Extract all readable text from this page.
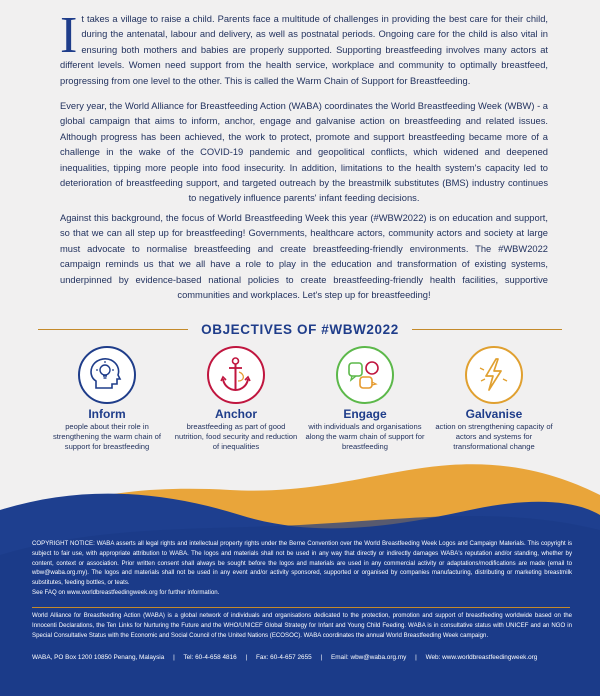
It takes a village to raise a child. Parents face a multitude of challenges in providing the best care for their child, during the antenatal, labour and delivery, as well as postnatal periods. Ongoing care for the child is also vital in ensuring both mothers and babies are properly supported. Supporting breastfeeding involves many actors at different levels. Women need support from the health service, workplace and community to optimally breastfeed, progressing from one level to the other. This is called the Warm Chain of Support for Breastfeeding.

Every year, the World Alliance for Breastfeeding Action (WABA) coordinates the World Breastfeeding Week (WBW) - a global campaign that aims to inform, anchor, engage and galvanise action on breastfeeding and related issues. Although progress has been achieved, the work to protect, promote and support breastfeeding became more of a challenge in the wake of the COVID-19 pandemic and geopolitical conflicts, which widened and deepened inequalities, tipping more people into food insecurity. In addition, limitations to the health system's capacity led to deterioration of breastfeeding support, and targeted outreach by the breastmilk substitutes (BMS) industry continues to negatively influence parents' infant feeding decisions.

Against this background, the focus of World Breastfeeding Week this year (#WBW2022) is on education and support, so that we can all step up for breastfeeding! Governments, healthcare actors, community actors and society at large must advocate to normalise breastfeeding and create breastfeeding-friendly environments. The #WBW2022 campaign reminds us that we all have a role to play in the education and transformation of existing systems, underpinned by evidence-based national policies to create breastfeeding-friendly health facilities, supportive communities and workplaces. Let's step up for breastfeeding!

OBJECTIVES OF #WBW2022
Inform
people about their role in strengthening the warm chain of support for breastfeeding
Anchor
breastfeeding as part of good nutrition, food security and reduction of inequalities
Engage
with individuals and organisations along the warm chain of support for breastfeeding
Galvanise
action on strengthening capacity of actors and systems for transformational change

COPYRIGHT NOTICE: WABA asserts all legal rights and intellectual property rights under the Berne Convention over the World Breastfeeding Week Logos and Campaign Materials. This copyright is subject to fair use, with appropriate attribution to WABA. The logos and materials shall not be used in any way that directly or indirectly damages WABA's reputation and/or standing, whether by content, context or association. Prior written consent shall always be sought before the logos and materials are used in any commercial activity or adaptations/modifications are made (email to wbw@waba.org.my). The logos and materials shall not be used in any event and/or activity sponsored, supported or organised by companies manufacturing, distributing or marketing breastmilk substitutes, feeding bottles, or teats.
See FAQ on www.worldbreastfeedingweek.org for further information.

World Alliance for Breastfeeding Action (WABA) is a global network of individuals and organisations dedicated to the protection, promotion and support of breastfeeding worldwide based on the Innocenti Declarations, the Ten Links for Nurturing the Future and the WHO/UNICEF Global Strategy for Infant and Young Child Feeding. WABA is in consultative status with UNICEF and an NGO in Special Consultative Status with the Economic and Social Council of the United Nations (ECOSOC). WABA coordinates the annual World Breastfeeding Week campaign.

WABA, PO Box 1200 10850 Penang, Malaysia | Tel: 60-4-658 4816 | Fax: 60-4-657 2655 | Email: wbw@waba.org.my | Web: www.worldbreastfeedingweek.org
